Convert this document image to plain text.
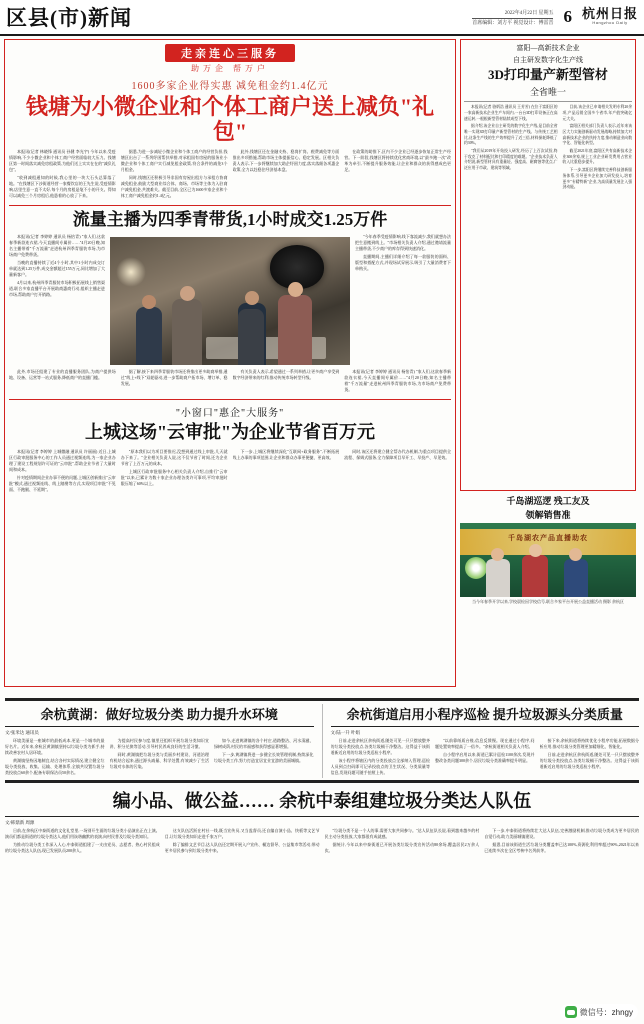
区县(市)新闻	2022年4月22日 星期五
首席编辑：刘方平 视觉设计：傅雷晋 6 杭州日报
Hangzhou Daily
走亲连心三服务
助万企 帮万户
1600多家企业得实惠 减免租金约1.4亿元
钱塘为小微企业和个体工商户送上减负"礼包"

本报讯(记者 林晓锋 通讯员 孙健 李光宇) 今年以来,受疫情影响,不少小微企业和个体工商户经营面临较大压力。钱塘区第一时间落实减免房租政策,为他们送上实实在在的"减负礼包"。

"收到减租通知的时候,我心里的一块大石头总算落了地。"在钱塘区下沙街道经营一家餐饮店的王先生说,受疫情影响,店里生意一直不太好,每个月的房租是笔不小的开支。得知可以减免三个月房租后,他悬着的心放了下来。

据悉,为进一步减轻小微企业和个体工商户的经营负担,钱塘区出台了一系列纾困帮扶举措,对承租国有房屋的服务业小微企业和个体工商户实行减免租金政策,符合条件的减免3个月租金。

同时,钱塘区还积极引导非国有房屋出租方与承租方协商减免租金,鼓励大型商业综合体、商场、市场等主体为入驻商户减免租金,共渡难关。截至目前,全区已为1600多家企业和个体工商户减免租金约1.4亿元。

此外,钱塘区还在金融支持、稳岗扩岗、税费减免等方面推出多项措施,帮助市场主体提振信心、稳定发展。区相关负责人表示,下一步将继续加大助企纾困力度,落实落细各项惠企政策,全力以赴稳住经济基本盘。

在政策的助推下,区内不少企业已经逐步恢复正常生产经营。下一阶段,钱塘区将持续优化营商环境,以"最多跑一次"改革为牵引,不断提升服务效能,让企业和群众的获得感成色更足。

流量主播为四季青带货,1小时成交1.25万件

本报讯(记者 李婷婷 通讯员 杨怡青) "家人们,这款春季新款连衣裙,今天直播间专属价……"4月20日晚,知名主播带着"千万流量"走进杭州四季青服装市场,为市场商户免费带货。

当晚的直播持续了近4个小时,其中1小时内成交订单就达到1.25万件,成交金额超过155万元,同比增加了大量新客户。

4月以来,杭州四季青服装市场积极拓展线上销售渠道,联合多家直播平台开展助商惠商行动,组织主播走进市场,帮助商户打开销路。

"今年春季受疫情影响,线下客流减少,我们就想办法把生意搬到线上。"市场相关负责人介绍,通过邀请流量主播带货,不少商户的库存得到快速消化。

直播期间,主播们详细介绍了每一款服装的面料、版型和搭配方式,并现场试穿展示,吸引了大量消费者下单购买。

此外,市场还组建了专业的直播服务团队,为商户提供场地、设备、运营等一站式服务,降低商户的直播门槛。

据了解,接下来四季青服装市场还将推出更多助商举措,通过"线上+线下"双轮驱动,进一步帮助商户拓市场、增订单、稳发展。

有关负责人表示,希望通过一系列举措,让更多商户享受到数字经济带来的红利,推动传统市场转型升级。

本报讯(记者 李婷婷 通讯员 杨怡青) "家人们,这款春季新款连衣裙,今天直播间专属价……"4月20日晚,知名主播带着"千万流量"走进杭州四季青服装市场,为市场商户免费带货。

"小窗口"惠企"大服务"
上城这场"云审批"为企业节省百万元

本报讯(记者 李婷婷 上城微融 通讯员 许丽丽) 近日,上城区行政审批服务中心的工作人员通过视频连线,为一家企业办理了建设工程规划许可证的"云审批",帮助企业节省了大量时间和成本。

针对疫情期间企业办事不便的问题,上城区创新推出"云审批"模式,通过视频连线、线上踏勘等方式,实现项目审批"不见面、不跑腿、不延期"。

"原本我们以为项目要推迟,没想到通过线上审批,几天就办下来了。"企业相关负责人说,这不仅节省了时间,还为企业节省了上百万元的成本。

上城区行政审批服务中心相关负责人介绍,自推行"云审批"以来,已累计为数十家企业办理各类许可事项,平均审批时限压缩了60%以上。

下一步,上城区将继续深化"互联网+政务服务",不断拓展线上办事的事项范围,让企业和群众办事更便捷、更高效。

同时,该区还将建立健全帮办代办机制,为重点项目提供全流程、保姆式服务,全力保障项目早开工、早投产、早见效。

富阳—高新技术企业
自主研发数字化生产线
3D打印量产新型管材
全省唯一

本报讯(记者 骆炳浩 通讯员 王芳芳) 在位于富阳区的一家高新技术企业生产车间内,一台台3D打印设备正在高速运转,一根根新型管材陆续成型下线。

据介绍,该企业自主研发的数字化生产线,是目前全省唯一实现3D打印量产新型管材的生产线。与传统工艺相比,这条生产线的生产效率提升了近三倍,材料损耗降低了约30%。

"我们从2019年开始投入研发,经历了上百次试验,终于攻克了材料配比和打印精度的难题。"企业技术负责人介绍说,新型管材具有重量轻、强度高、耐腐蚀等优点,广泛应用于市政、建筑等领域。

目前,该企业已申请相关发明专利20余项,产品远销全国多个省市,年产值突破亿元大关。

富阳区相关部门负责人表示,近年来该区大力实施创新驱动发展战略,持续加大对高新技术企业的扶持力度,推动制造业向数字化、智能化转型。

截至2021年底,富阳区共有高新技术企业300余家,规上工业企业研发费用占营业收入比重稳步提升。

下一步,富阳区将继续完善科技创新服务体系,引导更多企业加大研发投入,培育更多"专精特新"企业,为高质量发展注入强劲动能。

千岛湖巡逻 残工友及
领解销售准
千岛湖农产品直播助农
当今年春季开学以来,学校晨检因学校信号,联合多家平台开展公益直播活动 摄影 余杭区
余杭黄湖：做好垃圾分类 助力提升水环境
文/张米达 通讯员

环境美丽是一座城市的最低成本,更是一个城市的最好名片。近年来,余杭区黄湖镇坚持以垃圾分类为抓手,持续改善农村人居环境。

黄湖镇坚持因地制宜,结合各村实际情况,建立健全垃圾分类投放、收集、运输、处理体系,全镇共设置垃圾分类投放点60余个,配备专职保洁员50余名。

为提高村民参与度,镇里还组织开展垃圾分类知识宣讲、积分兑换等活动,引导村民养成良好的生活习惯。

同时,黄湖镇把垃圾分类与美丽乡村建设、河道治理有机结合起来,通过源头减量、科学处置,有效减少了生活垃圾对水体的污染。

如今,走进黄湖镇的各个村庄,道路整洁、河水清澈、绿树成荫,村民的幸福感和获得感显著增强。

下一步,黄湖镇将进一步健全长效管理机制,持续深化垃圾分类工作,努力打造宜居宜业宜游的美丽城镇。

余杭街道启用小程序巡检 提升垃圾源头分类质量
文/陆一升 叶娟

日前,走进余杭区余杭街道,随处可见一只只摆放整齐的垃圾分类投放点,各类垃圾桶干净整洁。这得益于该街道新近启用的垃圾分类巡检小程序。

该小程序将辖区内的分类投放点全部纳入管理,巡检人员到点扫码即可记录投放点的卫生状况、分类质量等信息,发现问题可随手拍照上传。

"以前靠纸质台账,信息反馈慢。现在通过小程序,问题处置效率提高了一倍多。"余杭街道相关负责人介绍。

自小程序启用以来,街道已累计巡检1100余次,发现并整改各类问题300余个,居民垃圾分类准确率提升明显。

接下来,余杭街道将持续优化小程序功能,拓展数据分析应用,推动垃圾分类管理更加精细化、智能化。

日前,走进余杭区余杭街道,随处可见一只只摆放整齐的垃圾分类投放点,各类垃圾桶干净整洁。这得益于该街道新近启用的垃圾分类巡检小程序。

编小品、做公益…… 余杭中泰组建垃圾分类达人队伍
文/韩鼎新 周源

日前,在余杭区中泰街道的文化礼堂里,一场别开生面的垃圾分类小品演出正在上演。演员们都是街道的垃圾分类达人,他们用诙谐幽默的表演,向村民普及垃圾分类知识。

为推动垃圾分类工作深入人心,中泰街道组建了一支由党员、志愿者、热心村民组成的垃圾分类达人队伍,现已发展队员200余人。

这支队伍活跃在村社一线,既当宣传员,又当监督员,还自编自演小品、快板等文艺节目,让垃圾分类知识走进千家万户。

除了编排文艺节目,达人队伍还定期开展入户宣传、桶边督导、公益集市等活动,带动更多居民参与到垃圾分类中来。

"垃圾分类不是一个人的事,需要大家共同参与。"达人队伍队长说,看到越来越多的村民主动分类投放,大家都很有成就感。

据统计,今年以来中泰街道已开展各类垃圾分类宣传活动80余场,覆盖居民2万余人次。

下一步,中泰街道将持续壮大达人队伍,完善激励机制,推动垃圾分类成为更多居民的自觉行动,助力美丽城镇建设。

据悉,目前该街道生活垃圾分类覆盖率已达100%,资源化利用率超过90%,2021年以来已连续多次在全区考核中名列前茅。

微信号：zhngy
